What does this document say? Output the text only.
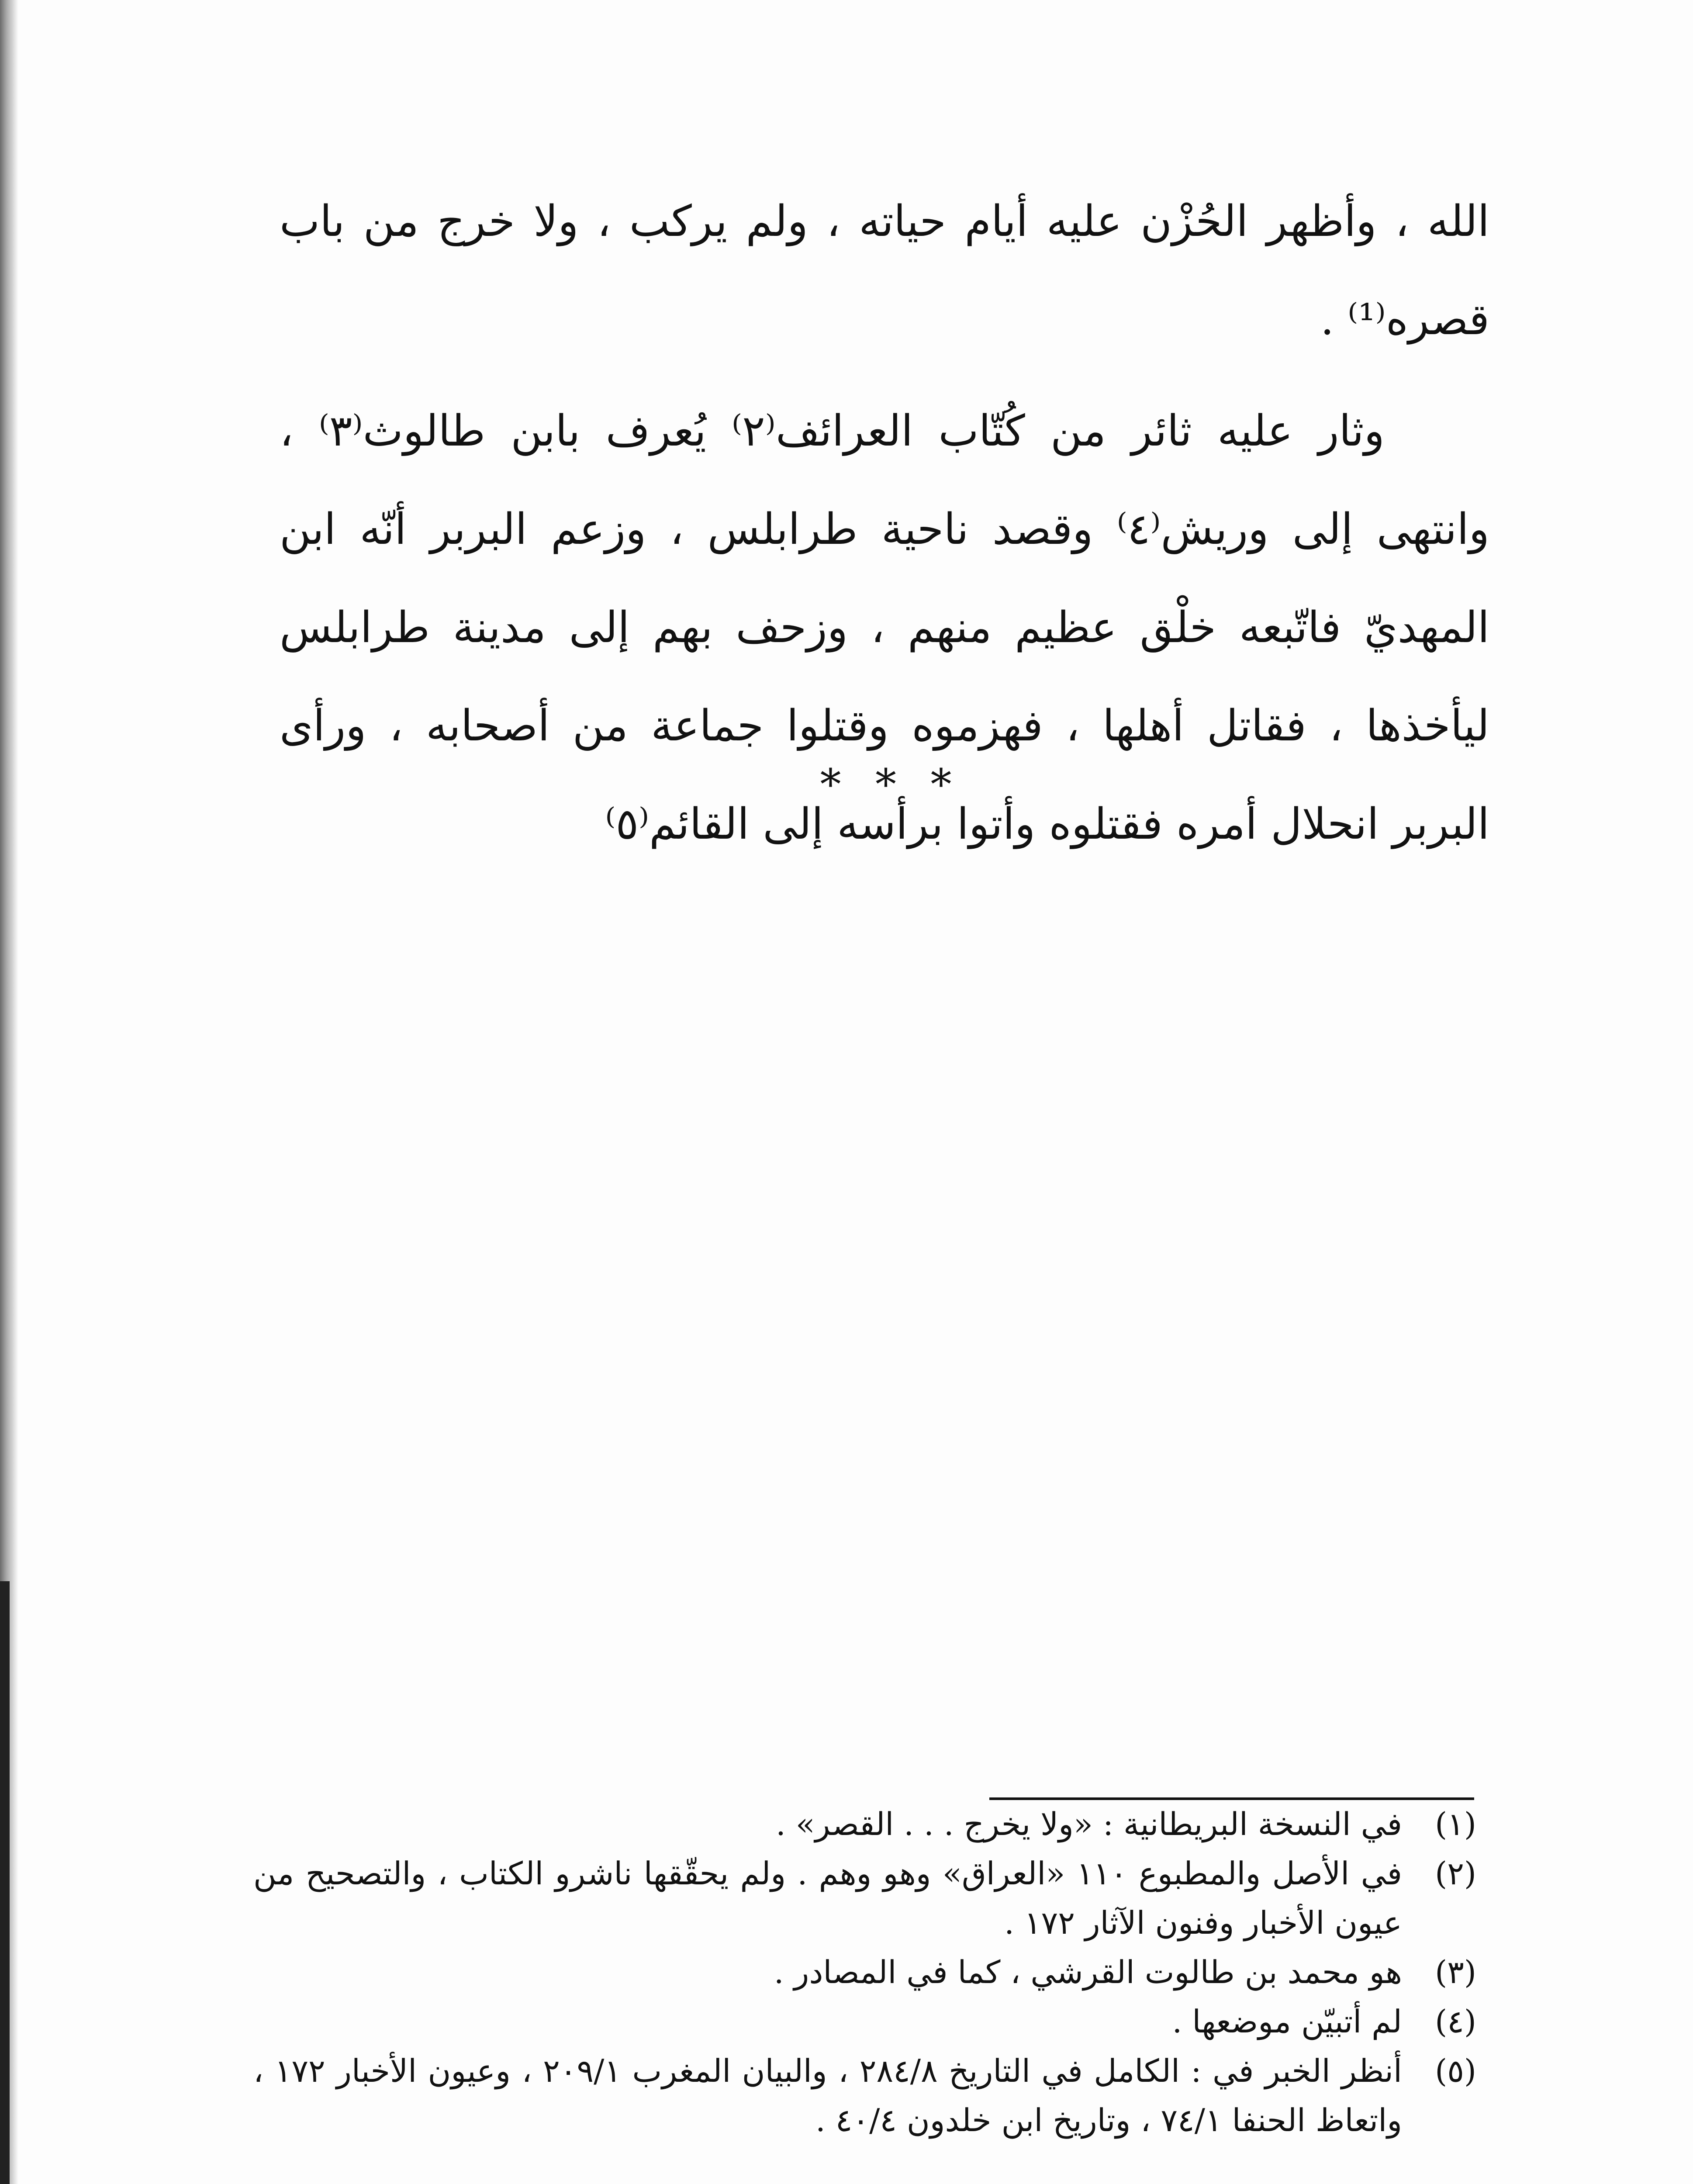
الله ، وأظهر الحُزْن عليه أيام حياته ، ولم يركب ، ولا خرج من باب قصره⁽¹⁾ .

وثار عليه ثائر من كُتّاب العرائف⁽٢⁾ يُعرف بابن طالوث⁽٣⁾ ، وانتهى إلى وريش⁽٤⁾ وقصد ناحية طرابلس ، وزعم البربر أنّه ابن المهديّ فاتّبعه خلْق عظيم منهم ، وزحف بهم إلى مدينة طرابلس ليأخذها ، فقاتل أهلها ، فهزموه وقتلوا جماعة من أصحابه ، ورأى البربر انحلال أمره فقتلوه وأتوا برأسه إلى القائم⁽٥⁾

* * *
(١)
في النسخة البريطانية : «ولا يخرج . . . القصر» .
(٢)
في الأصل والمطبوع ١١٠ «العراق» وهو وهم . ولم يحقّقها ناشرو الكتاب ، والتصحيح من عيون الأخبار وفنون الآثار ١٧٢ .
(٣)
هو محمد بن طالوت القرشي ، كما في المصادر .
(٤)
لم أتبيّن موضعها .
(٥)
أنظر الخبر في : الكامل في التاريخ ٢٨٤/٨ ، والبيان المغرب ٢٠٩/١ ، وعيون الأخبار ١٧٢ ، واتعاظ الحنفا ٧٤/١ ، وتاريخ ابن خلدون ٤٠/٤ .
